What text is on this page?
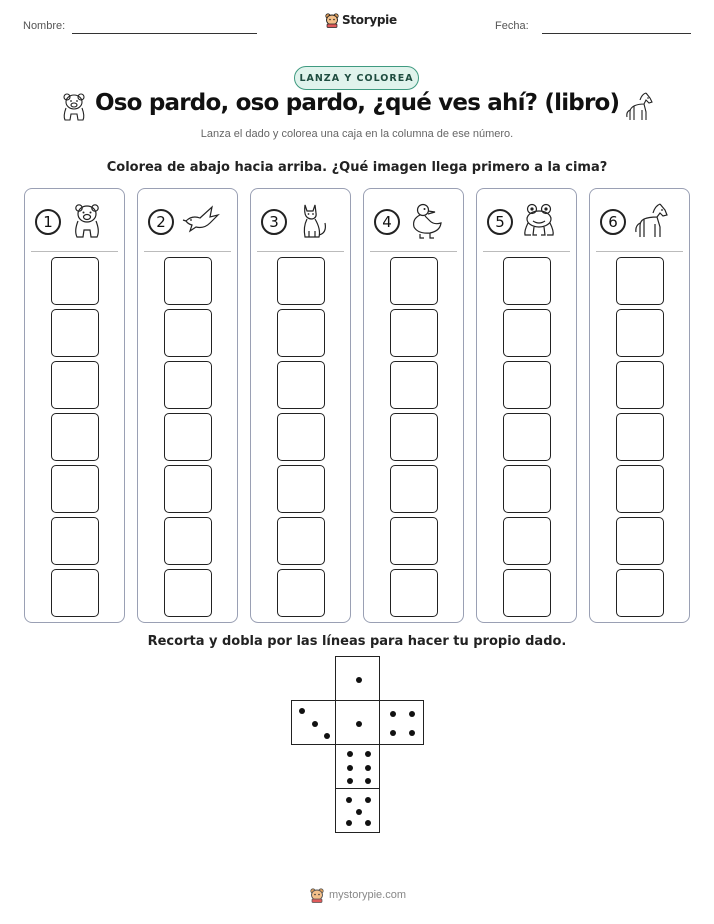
Nombre:	Storypie	Fecha:
LANZA Y COLOREA
Oso pardo, oso pardo, ¿qué ves ahí? (libro)
Lanza el dado y colorea una caja en la columna de ese número.
Colorea de abajo hacia arriba. ¿Qué imagen llega primero a la cima?
1	2	3	4	5	6
Recorta y dobla por las líneas para hacer tu propio dado.
mystorypie.com
